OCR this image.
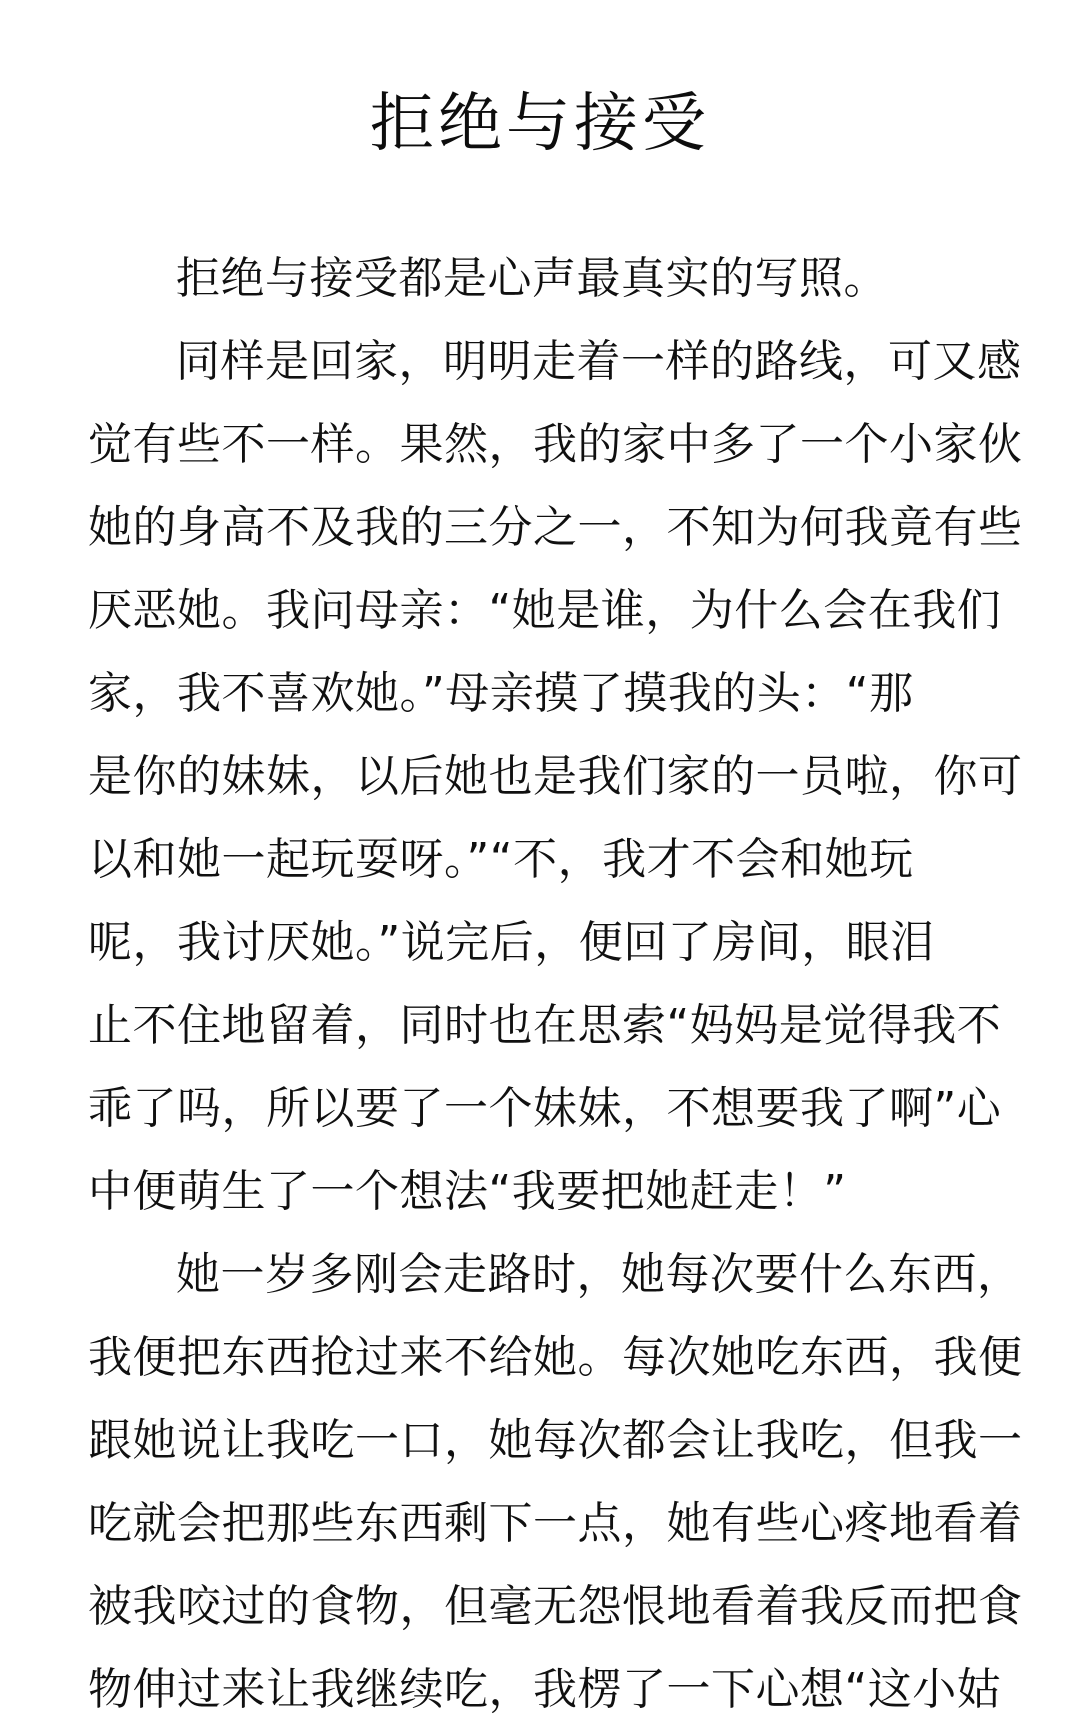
拒绝与接受
拒绝与接受都是心声最真实的写照。
同样是回家，明明走着一样的路线，可又感
觉有些不一样。果然，我的家中多了一个小家伙
她的身高不及我的三分之一，不知为何我竟有些
厌恶她。我问母亲：“她是谁，为什么会在我们
家，我不喜欢她。”母亲摸了摸我的头：“那
是你的妹妹，以后她也是我们家的一员啦，你可
以和她一起玩耍呀。”“不，我才不会和她玩
呢，我讨厌她。”说完后，便回了房间，眼泪
止不住地留着，同时也在思索“妈妈是觉得我不
乖了吗，所以要了一个妹妹，不想要我了啊”心
中便萌生了一个想法“我要把她赶走！”
她一岁多刚会走路时，她每次要什么东西，
我便把东西抢过来不给她。每次她吃东西，我便
跟她说让我吃一口，她每次都会让我吃，但我一
吃就会把那些东西剩下一点，她有些心疼地看着
被我咬过的食物，但毫无怨恨地看着我反而把食
物伸过来让我继续吃，我楞了一下心想“这小姑
